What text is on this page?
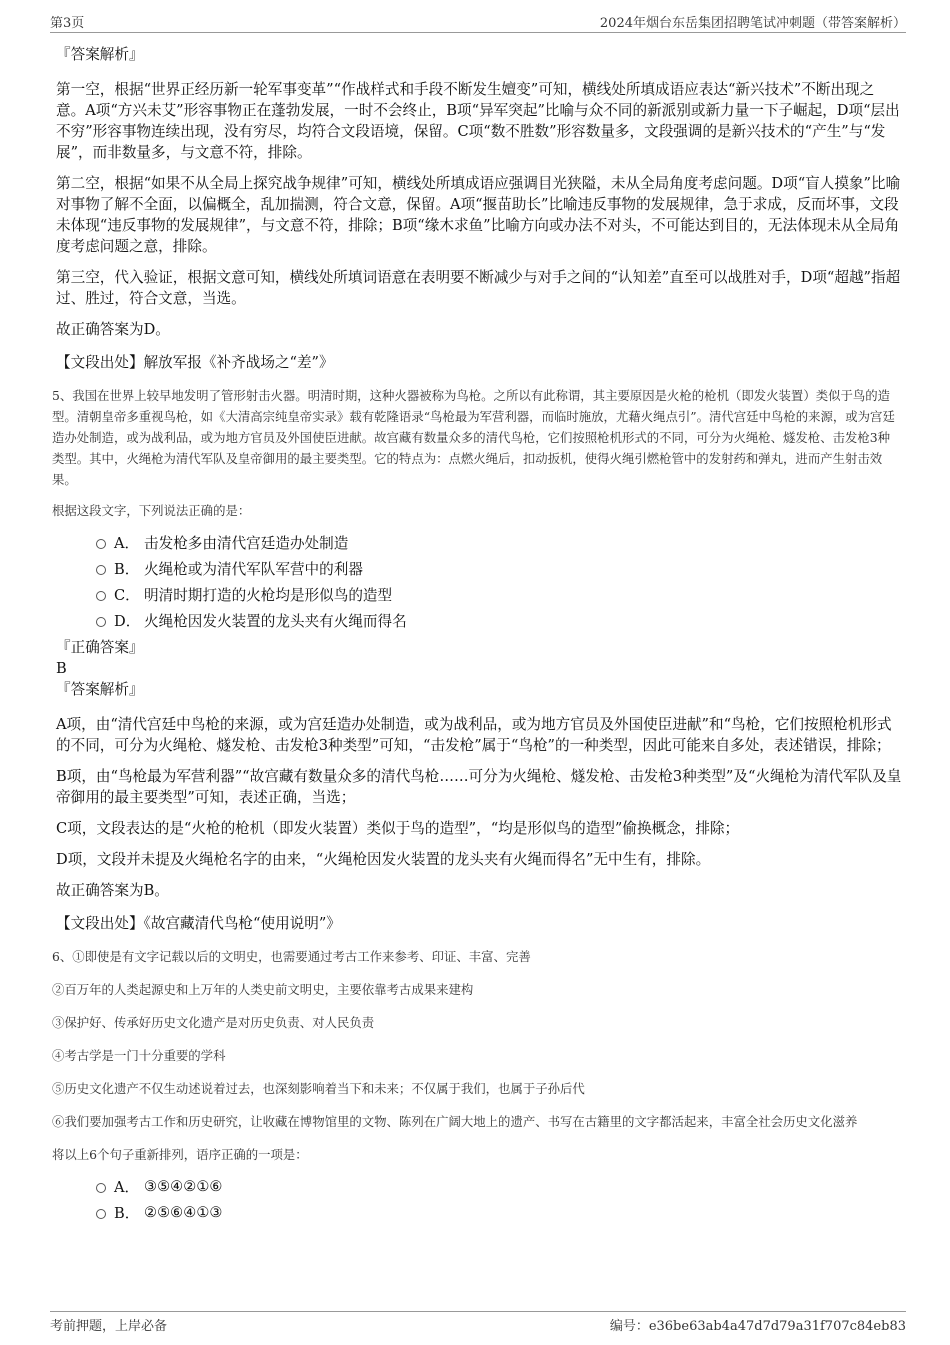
第3页	2024年烟台东岳集团招聘笔试冲刺题（带答案解析）
『答案解析』
第一空，根据“世界正经历新一轮军事变革”“作战样式和手段不断发生嬗变”可知，横线处所填成语应表达“新兴技术”不断出现之意。A项“方兴未艾”形容事物正在蓬勃发展，一时不会终止，B项“异军突起”比喻与众不同的新派别或新力量一下子崛起，D项“层出不穷”形容事物连续出现，没有穷尽，均符合文段语境，保留。C项“数不胜数”形容数量多，文段强调的是新兴技术的“产生”与“发展”，而非数量多，与文意不符，排除。
第二空，根据“如果不从全局上探究战争规律”可知，横线处所填成语应强调目光狭隘，未从全局角度考虑问题。D项“盲人摸象”比喻对事物了解不全面，以偏概全，乱加揣测，符合文意，保留。A项“揠苗助长”比喻违反事物的发展规律，急于求成，反而坏事，文段未体现“违反事物的发展规律”，与文意不符，排除；B项“缘木求鱼”比喻方向或办法不对头，不可能达到目的，无法体现未从全局角度考虑问题之意，排除。
第三空，代入验证，根据文意可知，横线处所填词语意在表明要不断减少与对手之间的“认知差”直至可以战胜对手，D项“超越”指超过、胜过，符合文意，当选。
故正确答案为D。
【文段出处】解放军报《补齐战场之“差”》
5、我国在世界上较早地发明了管形射击火器。明清时期，这种火器被称为鸟枪。之所以有此称谓，其主要原因是火枪的枪机（即发火装置）类似于鸟的造型。清朝皇帝多重视鸟枪，如《大清高宗纯皇帝实录》载有乾隆语录“鸟枪最为军营利器，而临时施放，尤藉火绳点引”。清代宫廷中鸟枪的来源，或为宫廷造办处制造，或为战利品，或为地方官员及外国使臣进献。故宫藏有数量众多的清代鸟枪，它们按照枪机形式的不同，可分为火绳枪、燧发枪、击发枪3种类型。其中，火绳枪为清代军队及皇帝御用的最主要类型。它的特点为：点燃火绳后，扣动扳机，使得火绳引燃枪管中的发射药和弹丸，进而产生射击效果。
根据这段文字，下列说法正确的是：
A． 击发枪多由清代宫廷造办处制造
B． 火绳枪或为清代军队军营中的利器
C． 明清时期打造的火枪均是形似鸟的造型
D． 火绳枪因发火装置的龙头夹有火绳而得名
『正确答案』
B
『答案解析』
A项，由“清代宫廷中鸟枪的来源，或为宫廷造办处制造，或为战利品，或为地方官员及外国使臣进献”和“鸟枪，它们按照枪机形式的不同，可分为火绳枪、燧发枪、击发枪3种类型”可知，“击发枪”属于“鸟枪”的一种类型，因此可能来自多处，表述错误，排除；
B项，由“鸟枪最为军营利器”“故宫藏有数量众多的清代鸟枪……可分为火绳枪、燧发枪、击发枪3种类型”及“火绳枪为清代军队及皇帝御用的最主要类型”可知，表述正确，当选；
C项，文段表达的是“火枪的枪机（即发火装置）类似于鸟的造型”，“均是形似鸟的造型”偷换概念，排除；
D项，文段并未提及火绳枪名字的由来，“火绳枪因发火装置的龙头夹有火绳而得名”无中生有，排除。
故正确答案为B。
【文段出处】《故宫藏清代鸟枪“使用说明”》
6、①即使是有文字记载以后的文明史，也需要通过考古工作来参考、印证、丰富、完善
②百万年的人类起源史和上万年的人类史前文明史，主要依靠考古成果来建构
③保护好、传承好历史文化遗产是对历史负责、对人民负责
④考古学是一门十分重要的学科
⑤历史文化遗产不仅生动述说着过去，也深刻影响着当下和未来；不仅属于我们，也属于子孙后代
⑥我们要加强考古工作和历史研究，让收藏在博物馆里的文物、陈列在广阔大地上的遗产、书写在古籍里的文字都活起来，丰富全社会历史文化滋养
将以上6个句子重新排列，语序正确的一项是：
A． ③⑤④②①⑥
B． ②⑤⑥④①③
考前押题，上岸必备	编号：e36be63ab4a47d7d79a31f707c84eb83
